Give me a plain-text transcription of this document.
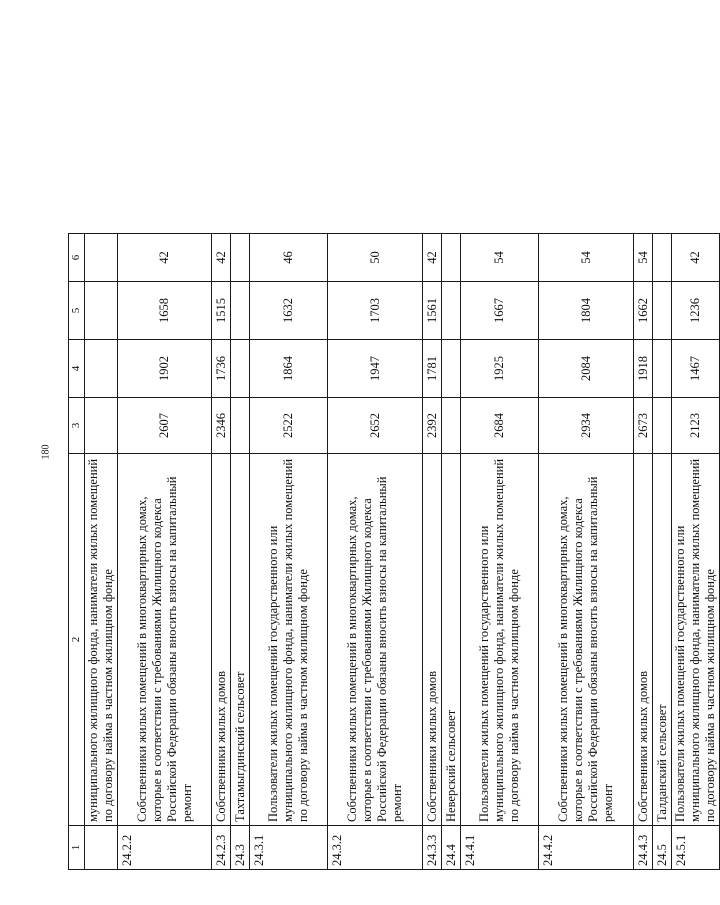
180
1	2	3	4	5	6
	муниципального жилищного фонда, наниматели жилых помещений по договору найма в частном жилищном фонде				
24.2.2	Собственники жилых помещений в многоквартирных домах, которые в соответствии с требованиями Жилищного кодекса Российской Федерации обязаны вносить взносы на капитальный ремонт	2607	1902	1658	42
24.2.3	Собственники жилых домов	2346	1736	1515	42
24.3	Тахтамыгдинский сельсовет				
24.3.1	Пользователи жилых помещений государственного или муниципального жилищного фонда, наниматели жилых помещений по договору найма в частном жилищном фонде	2522	1864	1632	46
24.3.2	Собственники жилых помещений в многоквартирных домах, которые в соответствии с требованиями Жилищного кодекса Российской Федерации обязаны вносить взносы на капитальный ремонт	2652	1947	1703	50
24.3.3	Собственники жилых домов	2392	1781	1561	42
24.4	Неверский сельсовет				
24.4.1	Пользователи жилых помещений государственного или муниципального жилищного фонда, наниматели жилых помещений по договору найма в частном жилищном фонде	2684	1925	1667	54
24.4.2	Собственники жилых помещений в многоквартирных домах, которые в соответствии с требованиями Жилищного кодекса Российской Федерации обязаны вносить взносы на капитальный ремонт	2934	2084	1804	54
24.4.3	Собственники жилых домов	2673	1918	1662	54
24.5	Талданский сельсовет				
24.5.1	Пользователи жилых помещений государственного или муниципального жилищного фонда, наниматели жилых помещений по договору найма в частном жилищном фонде	2123	1467	1236	42
